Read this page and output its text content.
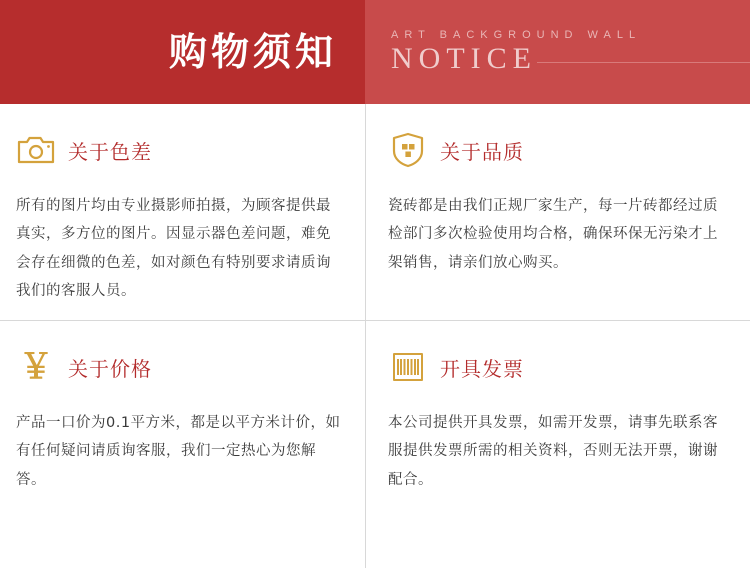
购物须知	ART BACKGROUND WALL
NOTICE
关于色差
所有的图片均由专业摄影师拍摄，为顾客提供最真实，多方位的图片。因显示器色差问题，难免会存在细微的色差，如对颜色有特别要求请质询我们的客服人员。
关于品质
瓷砖都是由我们正规厂家生产，每一片砖都经过质检部门多次检验使用均合格，确保环保无污染才上架销售，请亲们放心购买。
￥ 关于价格
产品一口价为0.1平方米，都是以平方米计价，如有任何疑问请质询客服，我们一定热心为您解答。
开具发票
本公司提供开具发票，如需开发票，请事先联系客服提供发票所需的相关资料，否则无法开票，谢谢配合。
